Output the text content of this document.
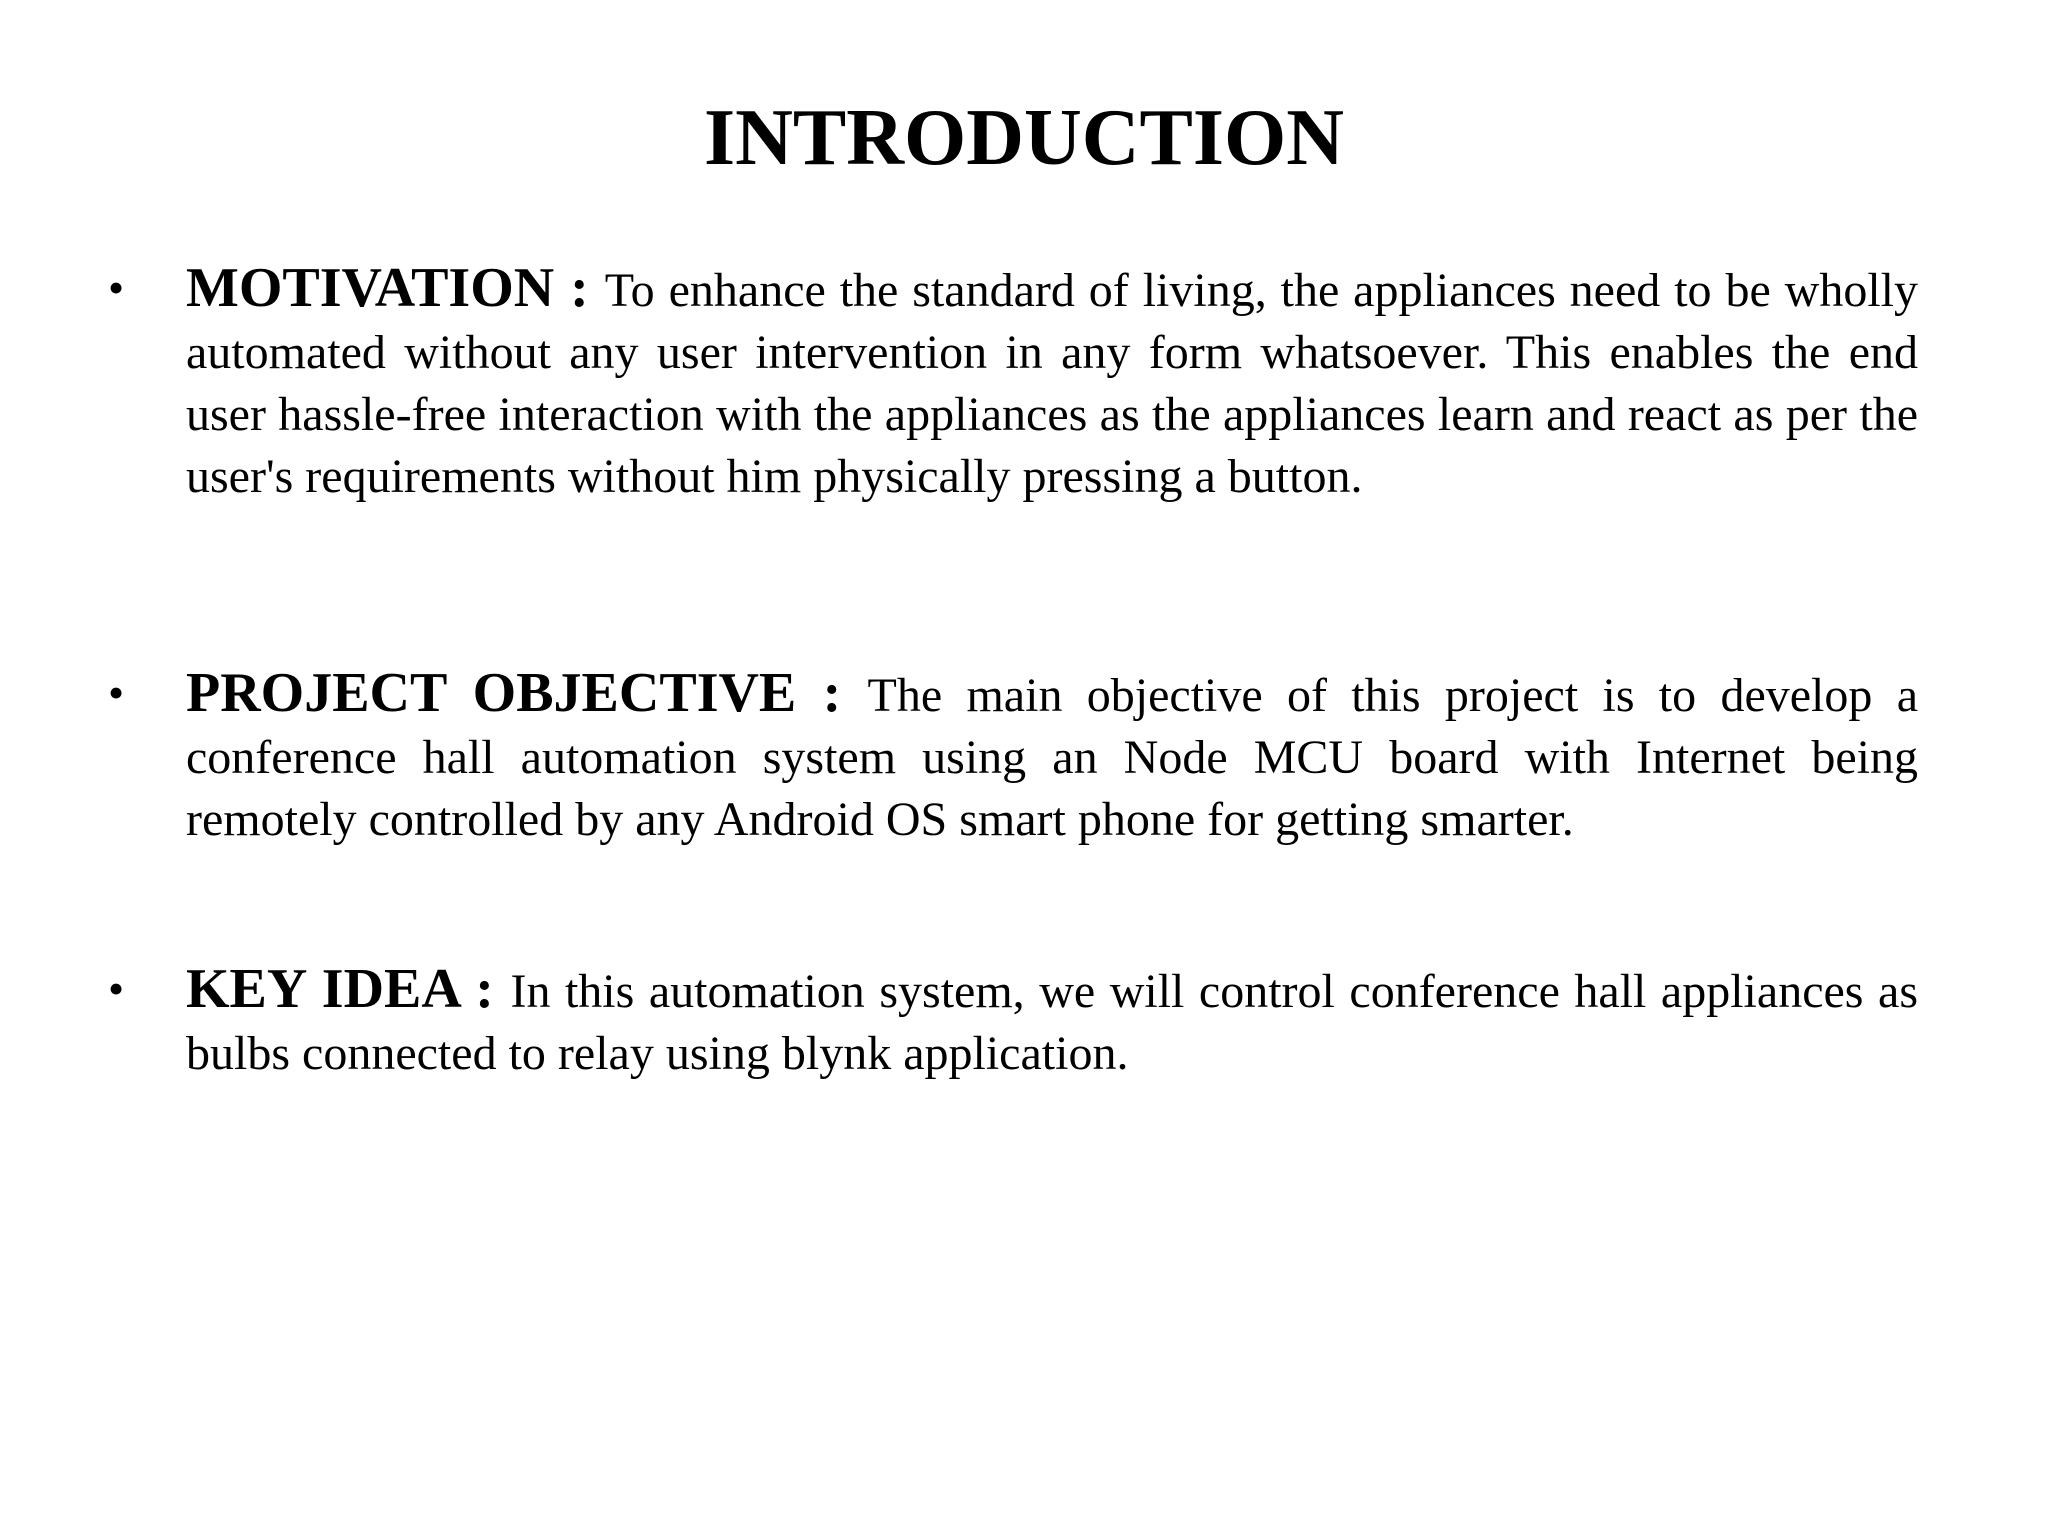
INTRODUCTION
• MOTIVATION : To enhance the standard of living, the appliances need to be wholly automated without any user intervention in any form whatsoever. This enables the end user hassle-free interaction with the appliances as the appliances learn and react as per the user's requirements without him physically pressing a button.
• PROJECT OBJECTIVE : The main objective of this project is to develop a conference hall automation system using an Node MCU board with Internet being remotely controlled by any Android OS smart phone for getting smarter.
• KEY IDEA : In this automation system, we will control conference hall appliances as bulbs connected to relay using blynk application.
